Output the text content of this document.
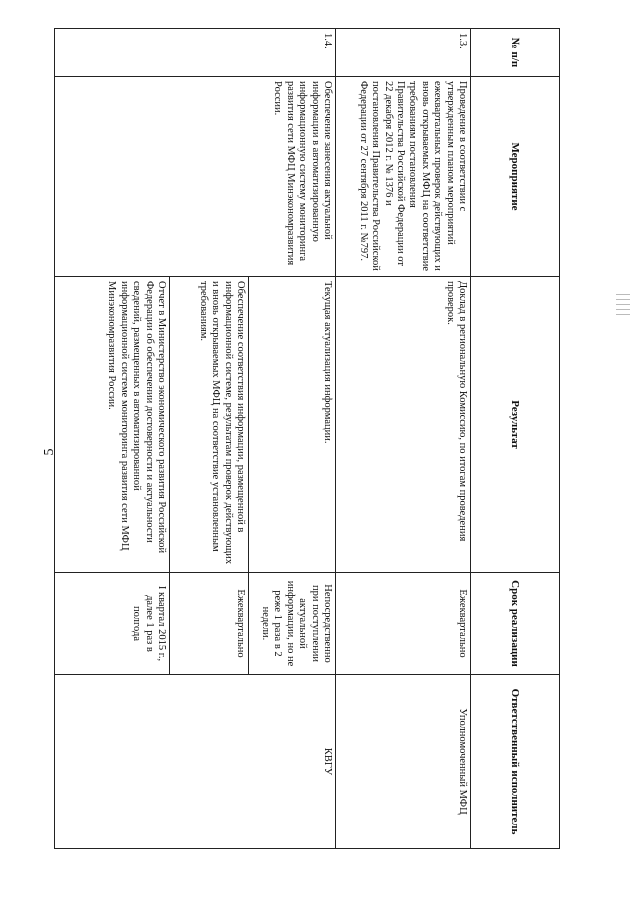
5
№ п/п	Мероприятие	Результат	Срок реализации	Ответственный исполнитель
1.3.	Проведение в соответствии с утвержденным планом мероприятий ежеквартальных проверок действующих и вновь открываемых МФЦ на соответствие требованиям постановления Правительства Российской Федерации от 22 декабря 2012 г. № 1376 и постановления Правительства Российской Федерации от 27 сентября 2011 г. №797.	Доклад в региональную Комиссию, по итогам проведения проверок.	Ежеквартально	Уполномоченный МФЦ
1.4.	Обеспечение занесения актуальной информации в автоматизированную информационную систему мониторинга развития сети МФЦ Минэкономразвития России.	Текущая актуализация информации.	Непосредственно при поступлении актуальной информации, но не реже 1 раза в 2 недели.	КВГУ
		Обеспечение соответствия информации, размещенной в информационной системе, результатам проверок действующих и вновь открываемых МФЦ на соответствие установленным требованиям.	Ежеквартально	
		Отчет в Министерство экономического развития Российской Федерации об обеспечении достоверности и актуальности сведений, размещенных в автоматизированной информационной системе мониторинга развития сети МФЦ Минэкономразвития России.	I квартал 2015 г., далее 1 раз в полгода	
